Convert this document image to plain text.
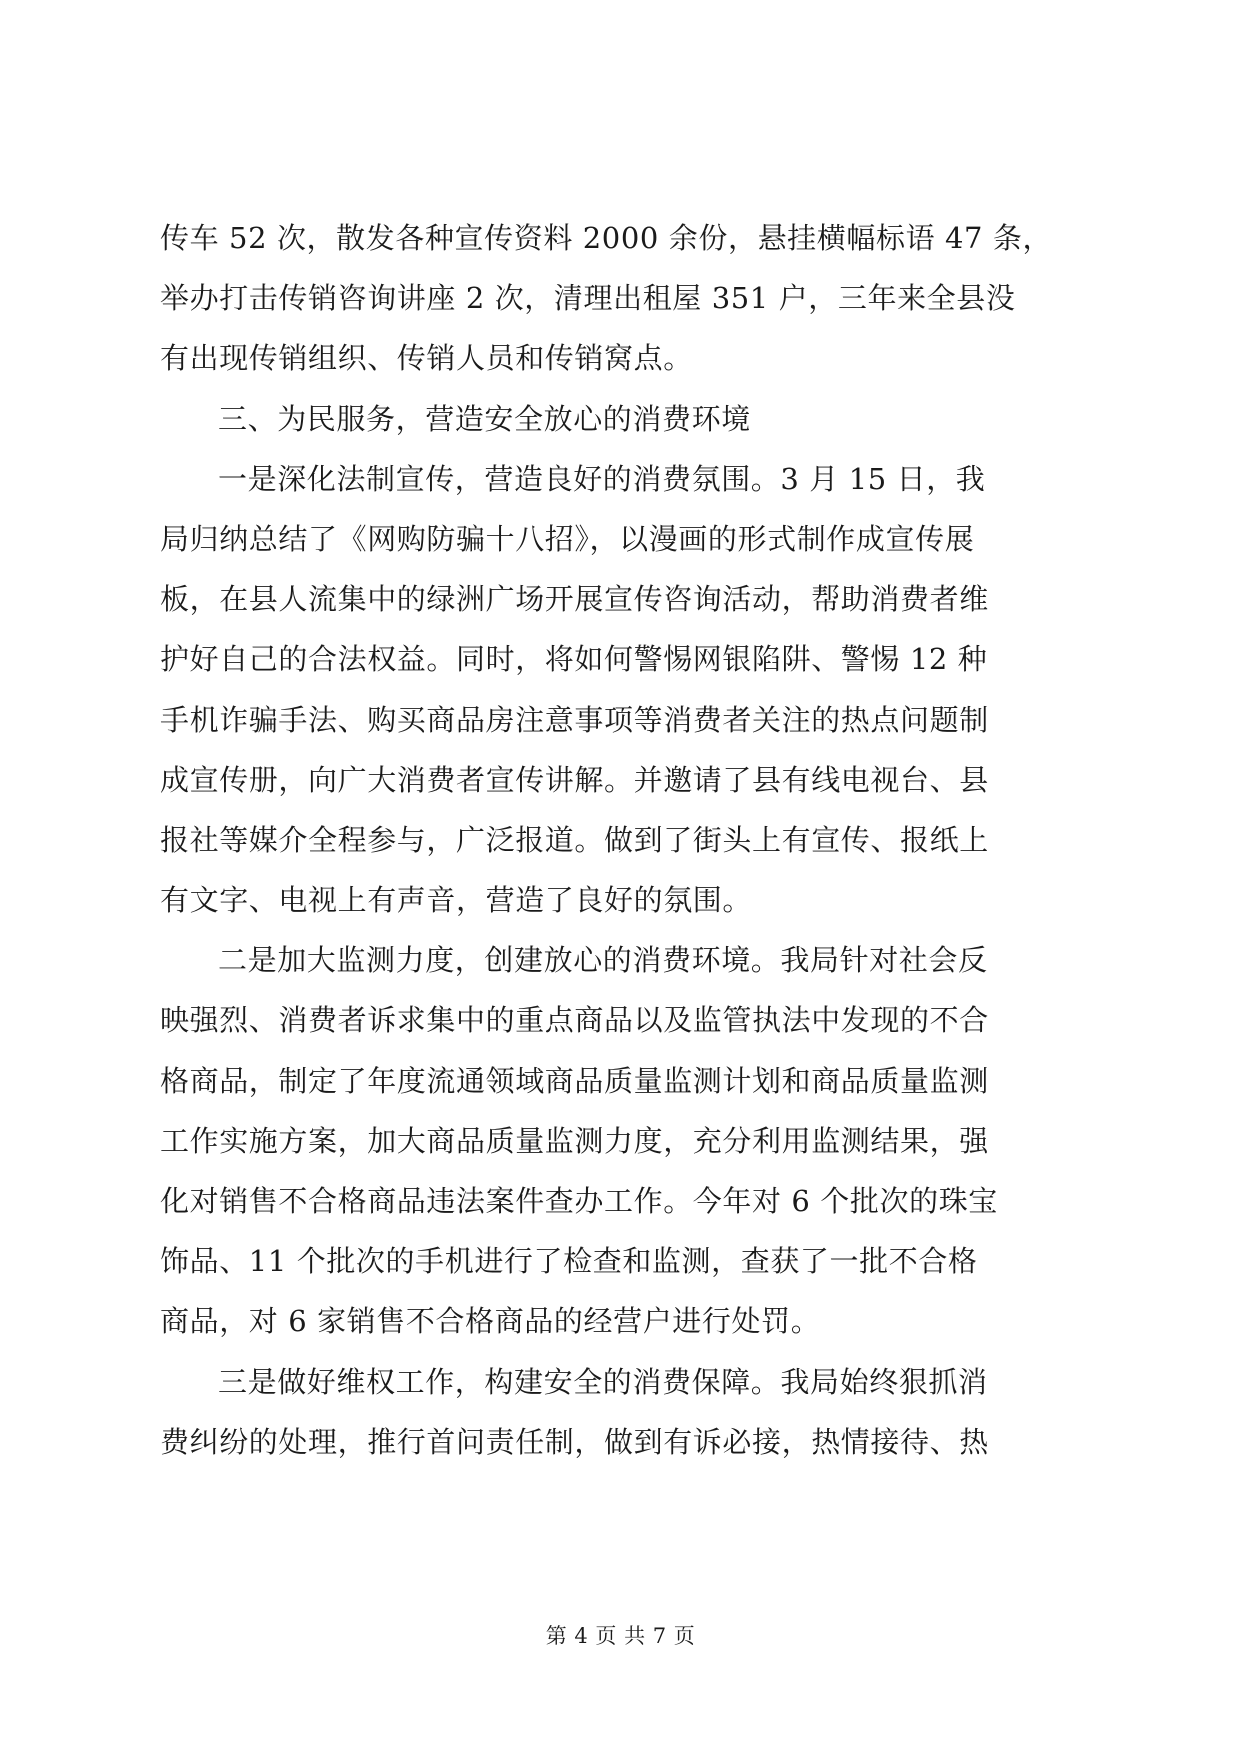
传车 52 次，散发各种宣传资料 2000 余份，悬挂横幅标语 47 条，
举办打击传销咨询讲座 2 次，清理出租屋 351 户，三年来全县没
有出现传销组织、传销人员和传销窝点。
三、为民服务，营造安全放心的消费环境
一是深化法制宣传，营造良好的消费氛围。3 月 15 日，我
局归纳总结了《网购防骗十八招》，以漫画的形式制作成宣传展
板，在县人流集中的绿洲广场开展宣传咨询活动，帮助消费者维
护好自己的合法权益。同时，将如何警惕网银陷阱、警惕 12 种
手机诈骗手法、购买商品房注意事项等消费者关注的热点问题制
成宣传册，向广大消费者宣传讲解。并邀请了县有线电视台、县
报社等媒介全程参与，广泛报道。做到了街头上有宣传、报纸上
有文字、电视上有声音，营造了良好的氛围。
二是加大监测力度，创建放心的消费环境。我局针对社会反
映强烈、消费者诉求集中的重点商品以及监管执法中发现的不合
格商品，制定了年度流通领域商品质量监测计划和商品质量监测
工作实施方案，加大商品质量监测力度，充分利用监测结果，强
化对销售不合格商品违法案件查办工作。今年对 6 个批次的珠宝
饰品、11 个批次的手机进行了检查和监测，查获了一批不合格
商品，对 6 家销售不合格商品的经营户进行处罚。
三是做好维权工作，构建安全的消费保障。我局始终狠抓消
费纠纷的处理，推行首问责任制，做到有诉必接，热情接待、热
第 4 页 共 7 页
